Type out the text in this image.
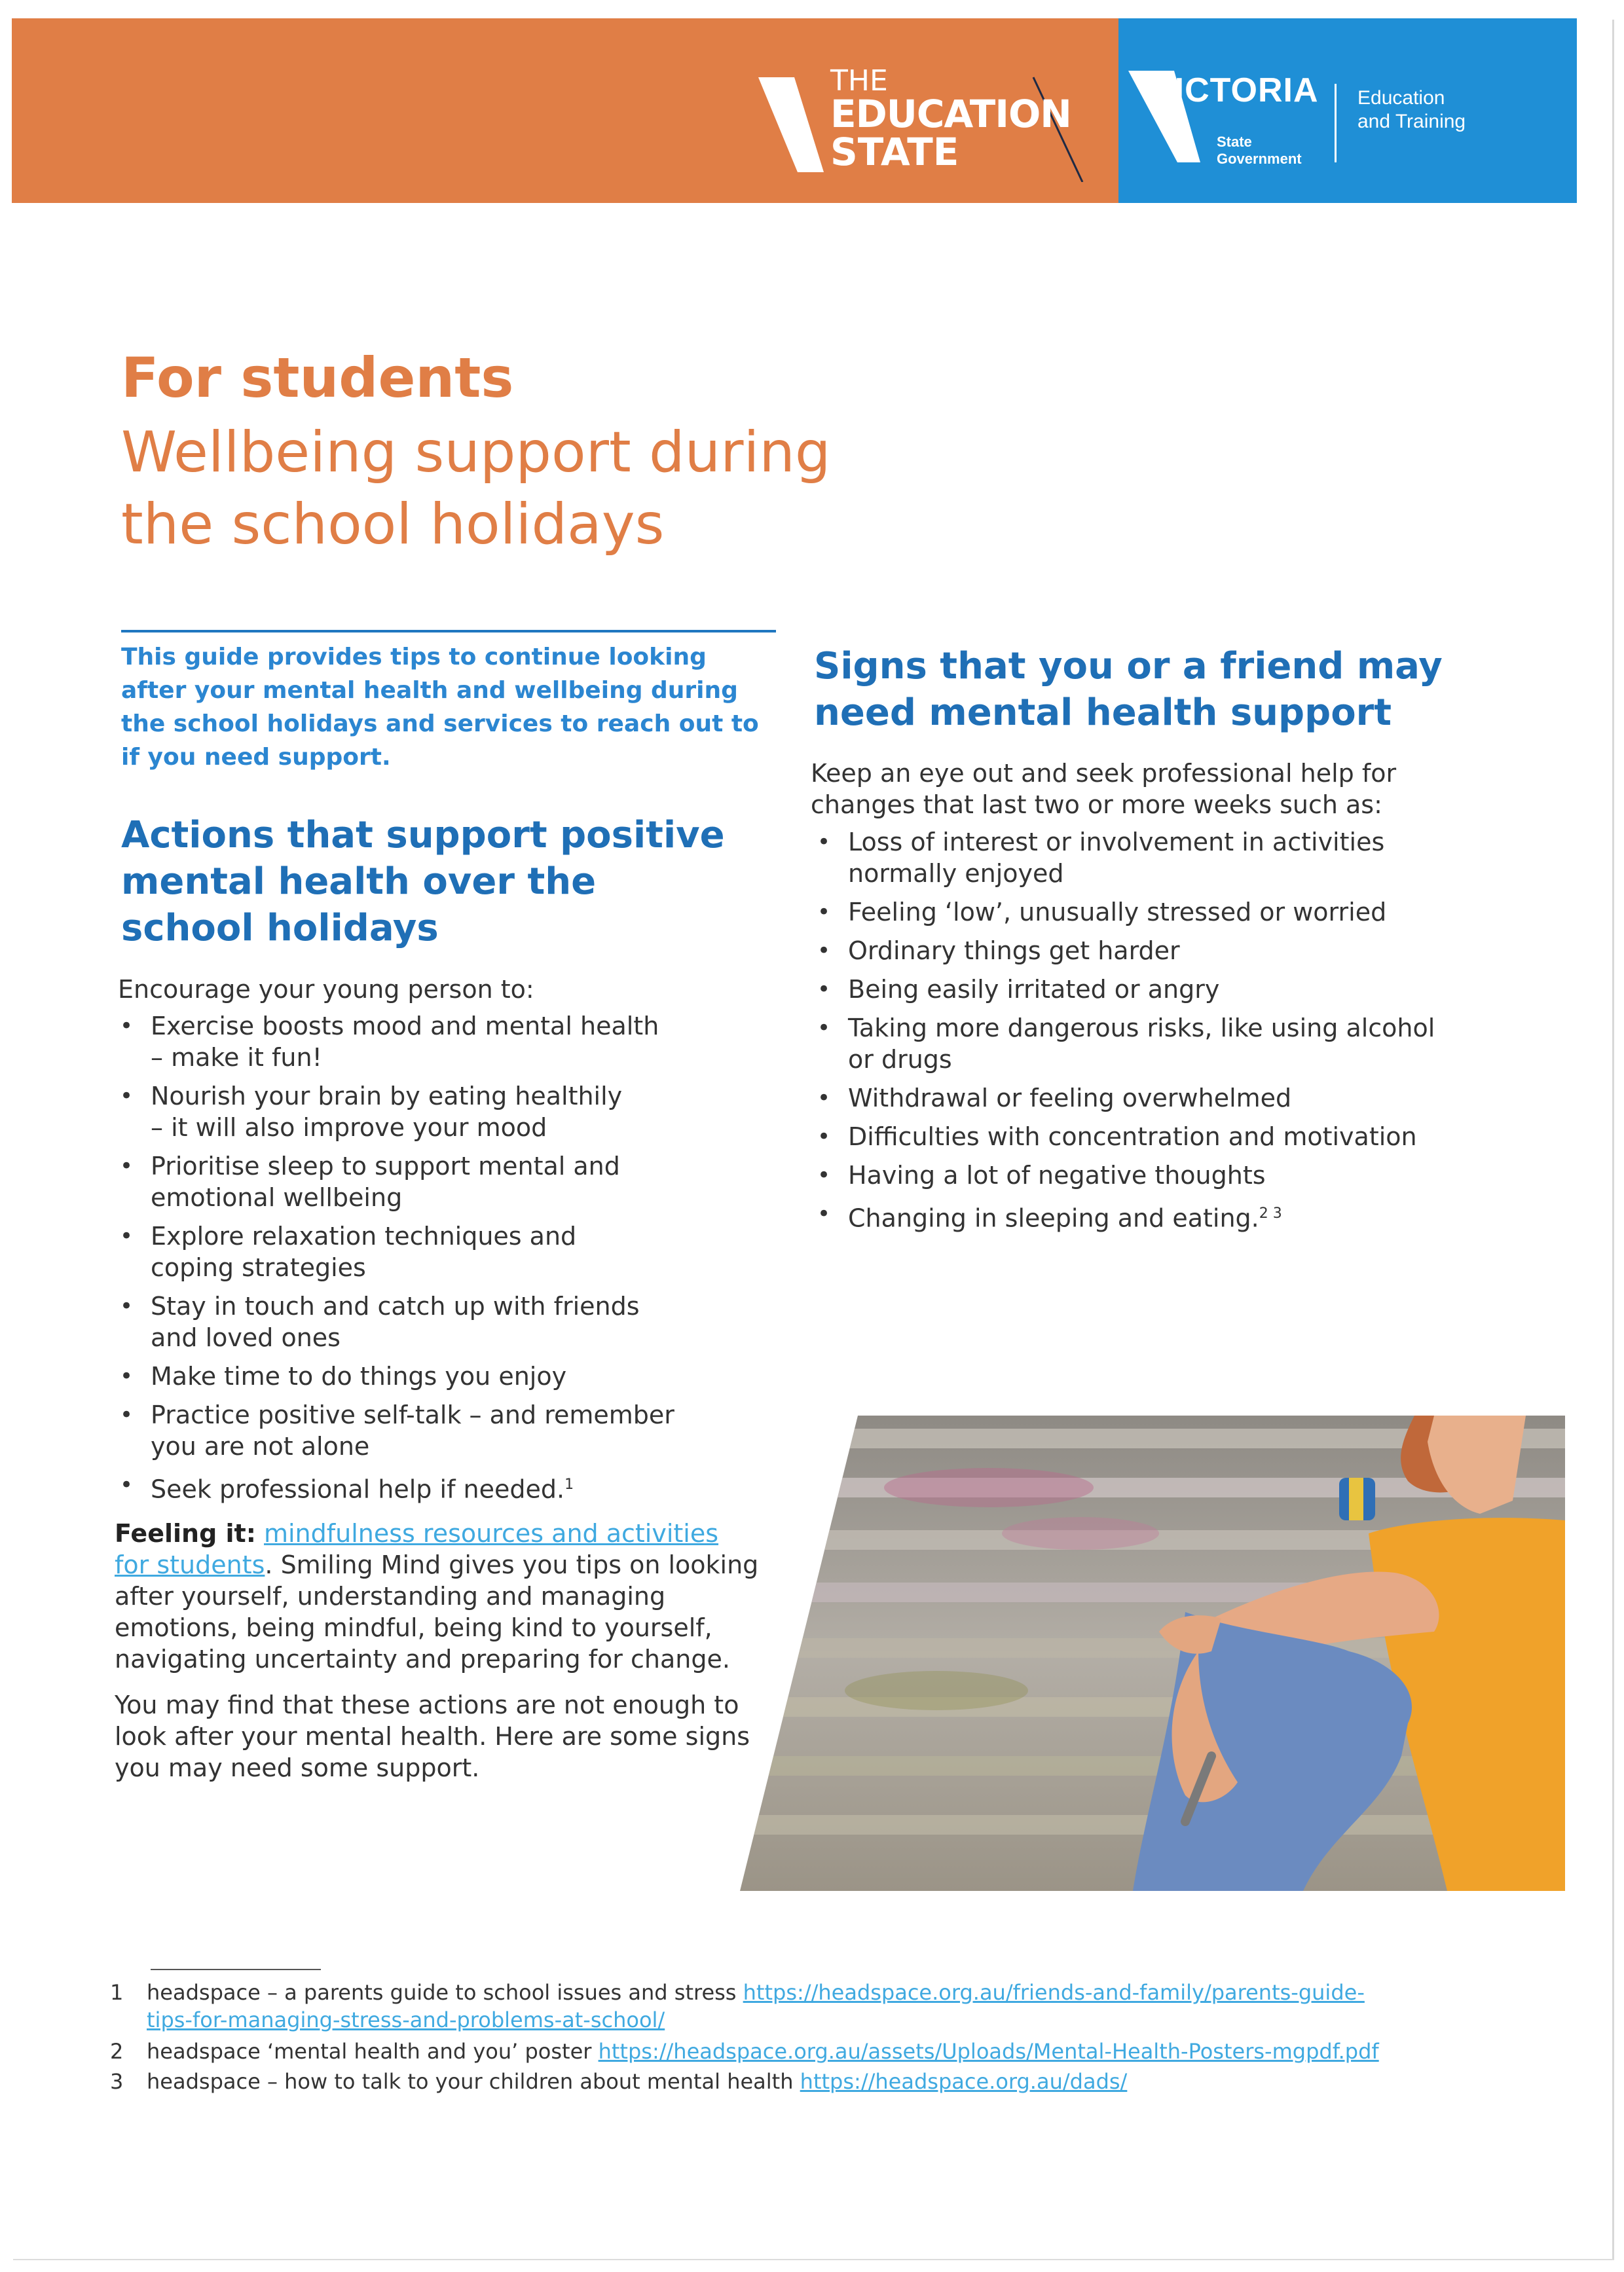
THE
EDUCATION
STATE
VICTORIA
State
Government
Education
and Training
For students
Wellbeing support during
the school holidays
This guide provides tips to continue looking after your mental health and wellbeing during the school holidays and services to reach out to if you need support.
Actions that support positive
mental health over the
school holidays
Encourage your young person to:
• Exercise boosts mood and mental health
– make it fun!
• Nourish your brain by eating healthily
– it will also improve your mood
• Prioritise sleep to support mental and
emotional wellbeing
• Explore relaxation techniques and
coping strategies
• Stay in touch and catch up with friends
and loved ones
• Make time to do things you enjoy
• Practice positive self-talk – and remember
you are not alone
• Seek professional help if needed.$^1$
Feeling it: mindfulness resources and activities
for students. Smiling Mind gives you tips on looking
after yourself, understanding and managing
emotions, being mindful, being kind to yourself,
navigating uncertainty and preparing for change.
You may find that these actions are not enough to
look after your mental health. Here are some signs
you may need some support.
Signs that you or a friend may
need mental health support
Keep an eye out and seek professional help for
changes that last two or more weeks such as:
• Loss of interest or involvement in activities
normally enjoyed
• Feeling ‘low’, unusually stressed or worried
• Ordinary things get harder
• Being easily irritated or angry
• Taking more dangerous risks, like using alcohol
or drugs
• Withdrawal or feeling overwhelmed
• Difficulties with concentration and motivation
• Having a lot of negative thoughts
• Changing in sleeping and eating.$^{2 3}$
1 headspace – a parents guide to school issues and stress https://headspace.org.au/friends-and-family/parents-guide-
tips-for-managing-stress-and-problems-at-school/
2 headspace ‘mental health and you’ poster https://headspace.org.au/assets/Uploads/Mental-Health-Posters-mgpdf.pdf
3 headspace – how to talk to your children about mental health https://headspace.org.au/dads/
